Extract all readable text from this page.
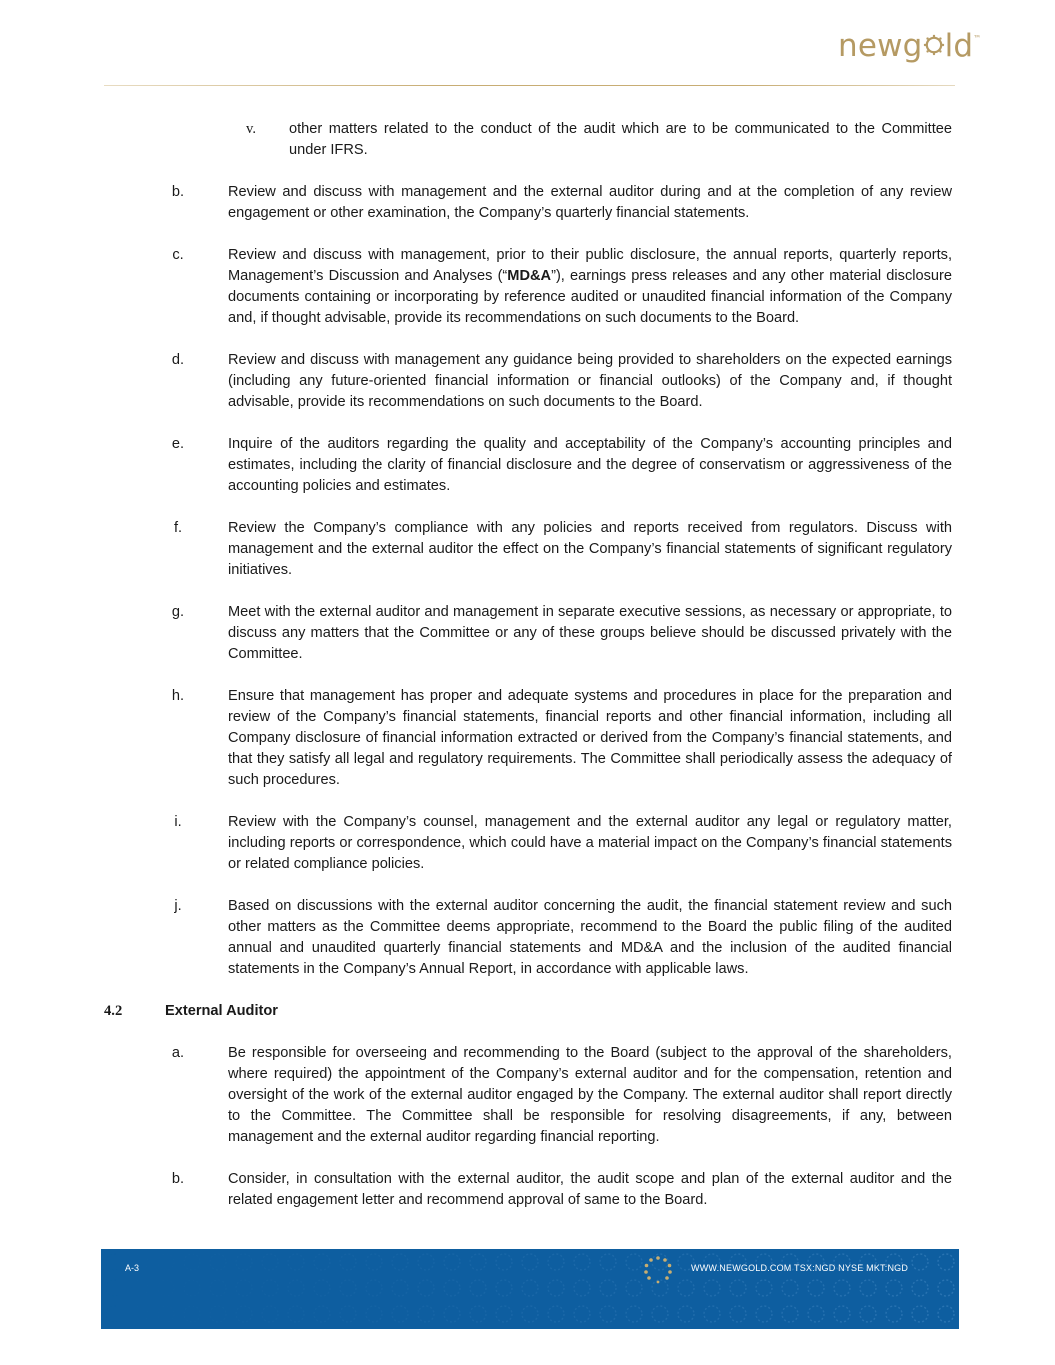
newg ld™
v.	other matters related to the conduct of the audit which are to be communicated to the Committee under IFRS.
b.	Review and discuss with management and the external auditor during and at the completion of any review engagement or other examination, the Company’s quarterly financial statements.
c.	Review and discuss with management, prior to their public disclosure, the annual reports, quarterly reports, Management’s Discussion and Analyses (“MD&A”), earnings press releases and any other material disclosure documents containing or incorporating by reference audited or unaudited financial information of the Company and, if thought advisable, provide its recommendations on such documents to the Board.
d.	Review and discuss with management any guidance being provided to shareholders on the expected earnings (including any future-oriented financial information or financial outlooks) of the Company and, if thought advisable, provide its recommendations on such documents to the Board.
e.	Inquire of the auditors regarding the quality and acceptability of the Company’s accounting principles and estimates, including the clarity of financial disclosure and the degree of conservatism or aggressiveness of the accounting policies and estimates.
f.	Review the Company’s compliance with any policies and reports received from regulators. Discuss with management and the external auditor the effect on the Company’s financial statements of significant regulatory initiatives.
g.	Meet with the external auditor and management in separate executive sessions, as necessary or appropriate, to discuss any matters that the Committee or any of these groups believe should be discussed privately with the Committee.
h.	Ensure that management has proper and adequate systems and procedures in place for the preparation and review of the Company’s financial statements, financial reports and other financial information, including all Company disclosure of financial information extracted or derived from the Company’s financial statements, and that they satisfy all legal and regulatory requirements. The Committee shall periodically assess the adequacy of such procedures.
i.	Review with the Company’s counsel, management and the external auditor any legal or regulatory matter, including reports or correspondence, which could have a material impact on the Company’s financial statements or related compliance policies.
j.	Based on discussions with the external auditor concerning the audit, the financial statement review and such other matters as the Committee deems appropriate, recommend to the Board the public filing of the audited annual and unaudited quarterly financial statements and MD&A and the inclusion of the audited financial statements in the Company’s Annual Report, in accordance with applicable laws.
4.2	External Auditor
a.	Be responsible for overseeing and recommending to the Board (subject to the approval of the shareholders, where required) the appointment of the Company’s external auditor and for the compensation, retention and oversight of the work of the external auditor engaged by the Company. The external auditor shall report directly to the Committee. The Committee shall be responsible for resolving disagreements, if any, between management and the external auditor regarding financial reporting.
b.	Consider, in consultation with the external auditor, the audit scope and plan of the external auditor and the related engagement letter and recommend approval of same to the Board.
A-3	WWW.NEWGOLD.COM TSX:NGD NYSE MKT:NGD
